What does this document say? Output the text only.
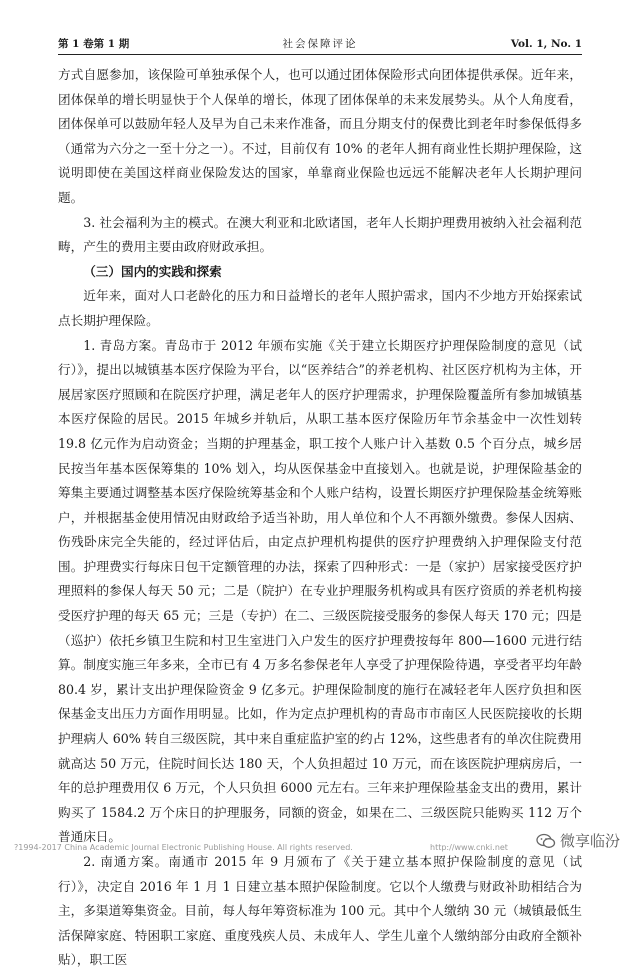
第 1 卷第 1 期	社会保障评论	Vol. 1, No. 1

方式自愿参加，该保险可单独承保个人，也可以通过团体保险形式向团体提供承保。近年来，团体保单的增长明显快于个人保单的增长，体现了团体保单的未来发展势头。从个人角度看，团体保单可以鼓励年轻人及早为自己未来作准备，而且分期支付的保费比到老年时参保低得多（通常为六分之一至十分之一）。不过，目前仅有 10% 的老年人拥有商业性长期护理保险，这说明即使在美国这样商业保险发达的国家，单靠商业保险也远远不能解决老年人长期护理问题。

3. 社会福利为主的模式。在澳大利亚和北欧诸国，老年人长期护理费用被纳入社会福利范畴，产生的费用主要由政府财政承担。

（三）国内的实践和探索

近年来，面对人口老龄化的压力和日益增长的老年人照护需求，国内不少地方开始探索试点长期护理保险。

1. 青岛方案。青岛市于 2012 年颁布实施《关于建立长期医疗护理保险制度的意见（试行）》，提出以城镇基本医疗保险为平台，以“医养结合”的养老机构、社区医疗机构为主体，开展居家医疗照顾和在院医疗护理，满足老年人的医疗护理需求，护理保险覆盖所有参加城镇基本医疗保险的居民。2015 年城乡并轨后，从职工基本医疗保险历年节余基金中一次性划转 19.8 亿元作为启动资金；当期的护理基金，职工按个人账户计入基数 0.5 个百分点，城乡居民按当年基本医保筹集的 10% 划入，均从医保基金中直接划入。也就是说，护理保险基金的筹集主要通过调整基本医疗保险统筹基金和个人账户结构，设置长期医疗护理保险基金统筹账户，并根据基金使用情况由财政给予适当补助，用人单位和个人不再额外缴费。参保人因病、伤残卧床完全失能的，经过评估后，由定点护理机构提供的医疗护理费纳入护理保险支付范围。护理费实行每床日包干定额管理的办法，探索了四种形式：一是（家护）居家接受医疗护理照料的参保人每天 50 元；二是（院护）在专业护理服务机构或具有医疗资质的养老机构接受医疗护理的每天 65 元；三是（专护）在二、三级医院接受服务的参保人每天 170 元；四是（巡护）依托乡镇卫生院和村卫生室进门入户发生的医疗护理费按每年 800—1600 元进行结算。制度实施三年多来，全市已有 4 万多名参保老年人享受了护理保险待遇，享受者平均年龄 80.4 岁，累计支出护理保险资金 9 亿多元。护理保险制度的施行在减轻老年人医疗负担和医保基金支出压力方面作用明显。比如，作为定点护理机构的青岛市市南区人民医院接收的长期护理病人 60% 转自三级医院，其中来自重症监护室的约占 12%，这些患者有的单次住院费用就高达 50 万元，住院时间长达 180 天，个人负担超过 10 万元，而在该医院护理病房后，一年的总护理费用仅 6 万元，个人只负担 6000 元左右。三年来护理保险基金支出的费用，累计购买了 1584.2 万个床日的护理服务，同额的资金，如果在二、三级医院只能购买 112 万个普通床日。

2. 南通方案。南通市 2015 年 9 月颁布了《关于建立基本照护保险制度的意见（试行）》，决定自 2016 年 1 月 1 日建立基本照护保险制度。它以个人缴费与财政补助相结合为主，多渠道筹集资金。目前，每人每年筹资标准为 100 元。其中个人缴纳 30 元（城镇最低生活保障家庭、特困职工家庭、重度残疾人员、未成年人、学生儿童个人缴纳部分由政府全额补贴），职工医

?1994-2017 China Academic Journal Electronic Publishing House. All rights reserved.	http://www.cnki.net	微享临汾
